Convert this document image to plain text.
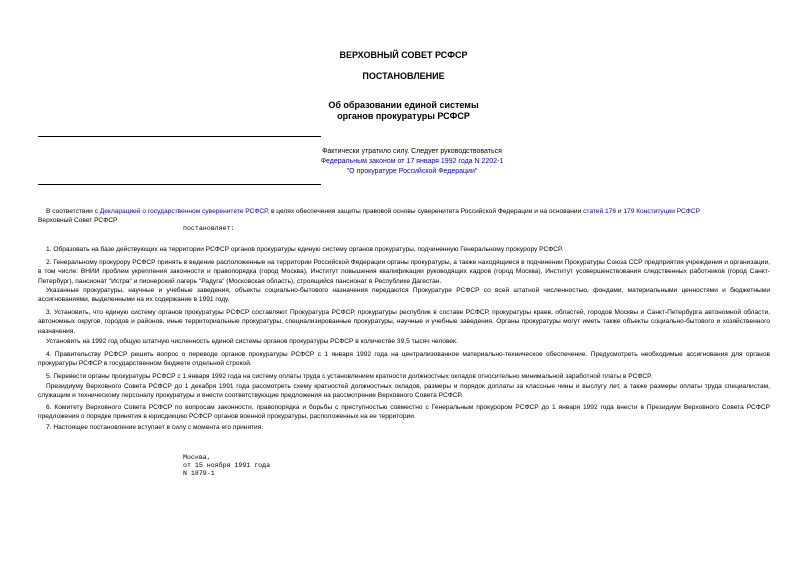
ВЕРХОВНЫЙ СОВЕТ РСФСР
ПОСТАНОВЛЕНИЕ
Об образовании единой системы
органов прокуратуры РСФСР
Фактически утратило силу. Следует руководствоваться
Федеральным законом от 17 января 1992 года N 2202-1
"О прокуратуре Российской Федерации"
В соответствии с Декларацией о государственном суверенитете РСФСР, в целях обеспечения защиты правовой основы суверенитета Российской Федерации и на основании статей 176 и 179 Конституции РСФСР
Верховный Совет РСФСР
постановляет:
1. Образовать на базе действующих на территории РСФСР органов прокуратуры единую систему органов прокуратуры, подчиненную Генеральному прокурору РСФСР.
2. Генеральному прокурору РСФСР принять в ведение расположенные на территории Российской Федерации органы прокуратуры, а также находящиеся в подчинении Прокуратуры Союза ССР предприятия учреждения и организации, в том числе: ВНИИ проблем укрепления законности и правопорядка (город Москва), Институт повышения квалификации руководящих кадров (город Москва), Институт усовершенствования следственных работников (город Санкт-Петербург), пансионат "Истра" и пионерский лагерь "Радуга" (Московская область), строящийся пансионат в Республике Дагестан.
Указанные прокуратуры, научные и учебные заведения, объекты социально-бытового назначения передаются Прокуратуре РСФСР со всей штатной численностью, фондами, материальными ценностями и бюджетными ассигнованиями, выделенными на их содержание в 1991 году.
3. Установить, что единую систему органов прокуратуры РСФСР составляют Прокуратура РСФСР, прокуратуры республик в составе РСФСР, прокуратуры краев, областей, городов Москвы и Санкт-Петербурга автономной области, автономных округов, городов и районов, иные территориальные прокуратуры, специализированные прокуратуры, научные и учебные заведения. Органы прокуратуры могут иметь также объекты социально-бытового и хозяйственного назначения.
Установить на 1992 год общую штатную численность единой системы органов прокуратуры РСФСР в количестве 39,5 тысяч человек.
4. Правительству РСФСР решить вопрос о переводе органов прокуратуры РСФСР с 1 января 1992 года на централизованное материально-техническое обеспечение. Предусмотреть необходимые ассигнования для органов прокуратуры РСФСР в государственном бюджете отдельной строкой.
5. Перевести органы прокуратуры РСФСР с 1 января 1992 года на систему оплаты труда с установлением кратности должностных окладов относительно минимальной заработной платы в РСФСР.
Президиуму Верховного Совета РСФСР до 1 декабря 1991 года рассмотреть схему кратностей должностных окладов, размеры и порядок доплаты за классные чины и выслугу лет, а также размеры оплаты труда специалистам, служащим и техническому персоналу прокуратуры и внести соответствующие предложения на рассмотрение Верховного Совета РСФСР.
6. Комитету Верховного Совета РСФСР по вопросам законности, правопорядка и борьбы с преступностью совместно с Генеральным прокурором РСФСР до 1 января 1992 года внести в Президиум Верховного Совета РСФСР предложения о порядке принятия в юрисдикцию РСФСР органов военной прокуратуры, расположенных на ее территории.
7. Настоящее постановление вступает в силу с момента его принятия.
Москва,
от 15 ноября 1991 года
N 1879-1
